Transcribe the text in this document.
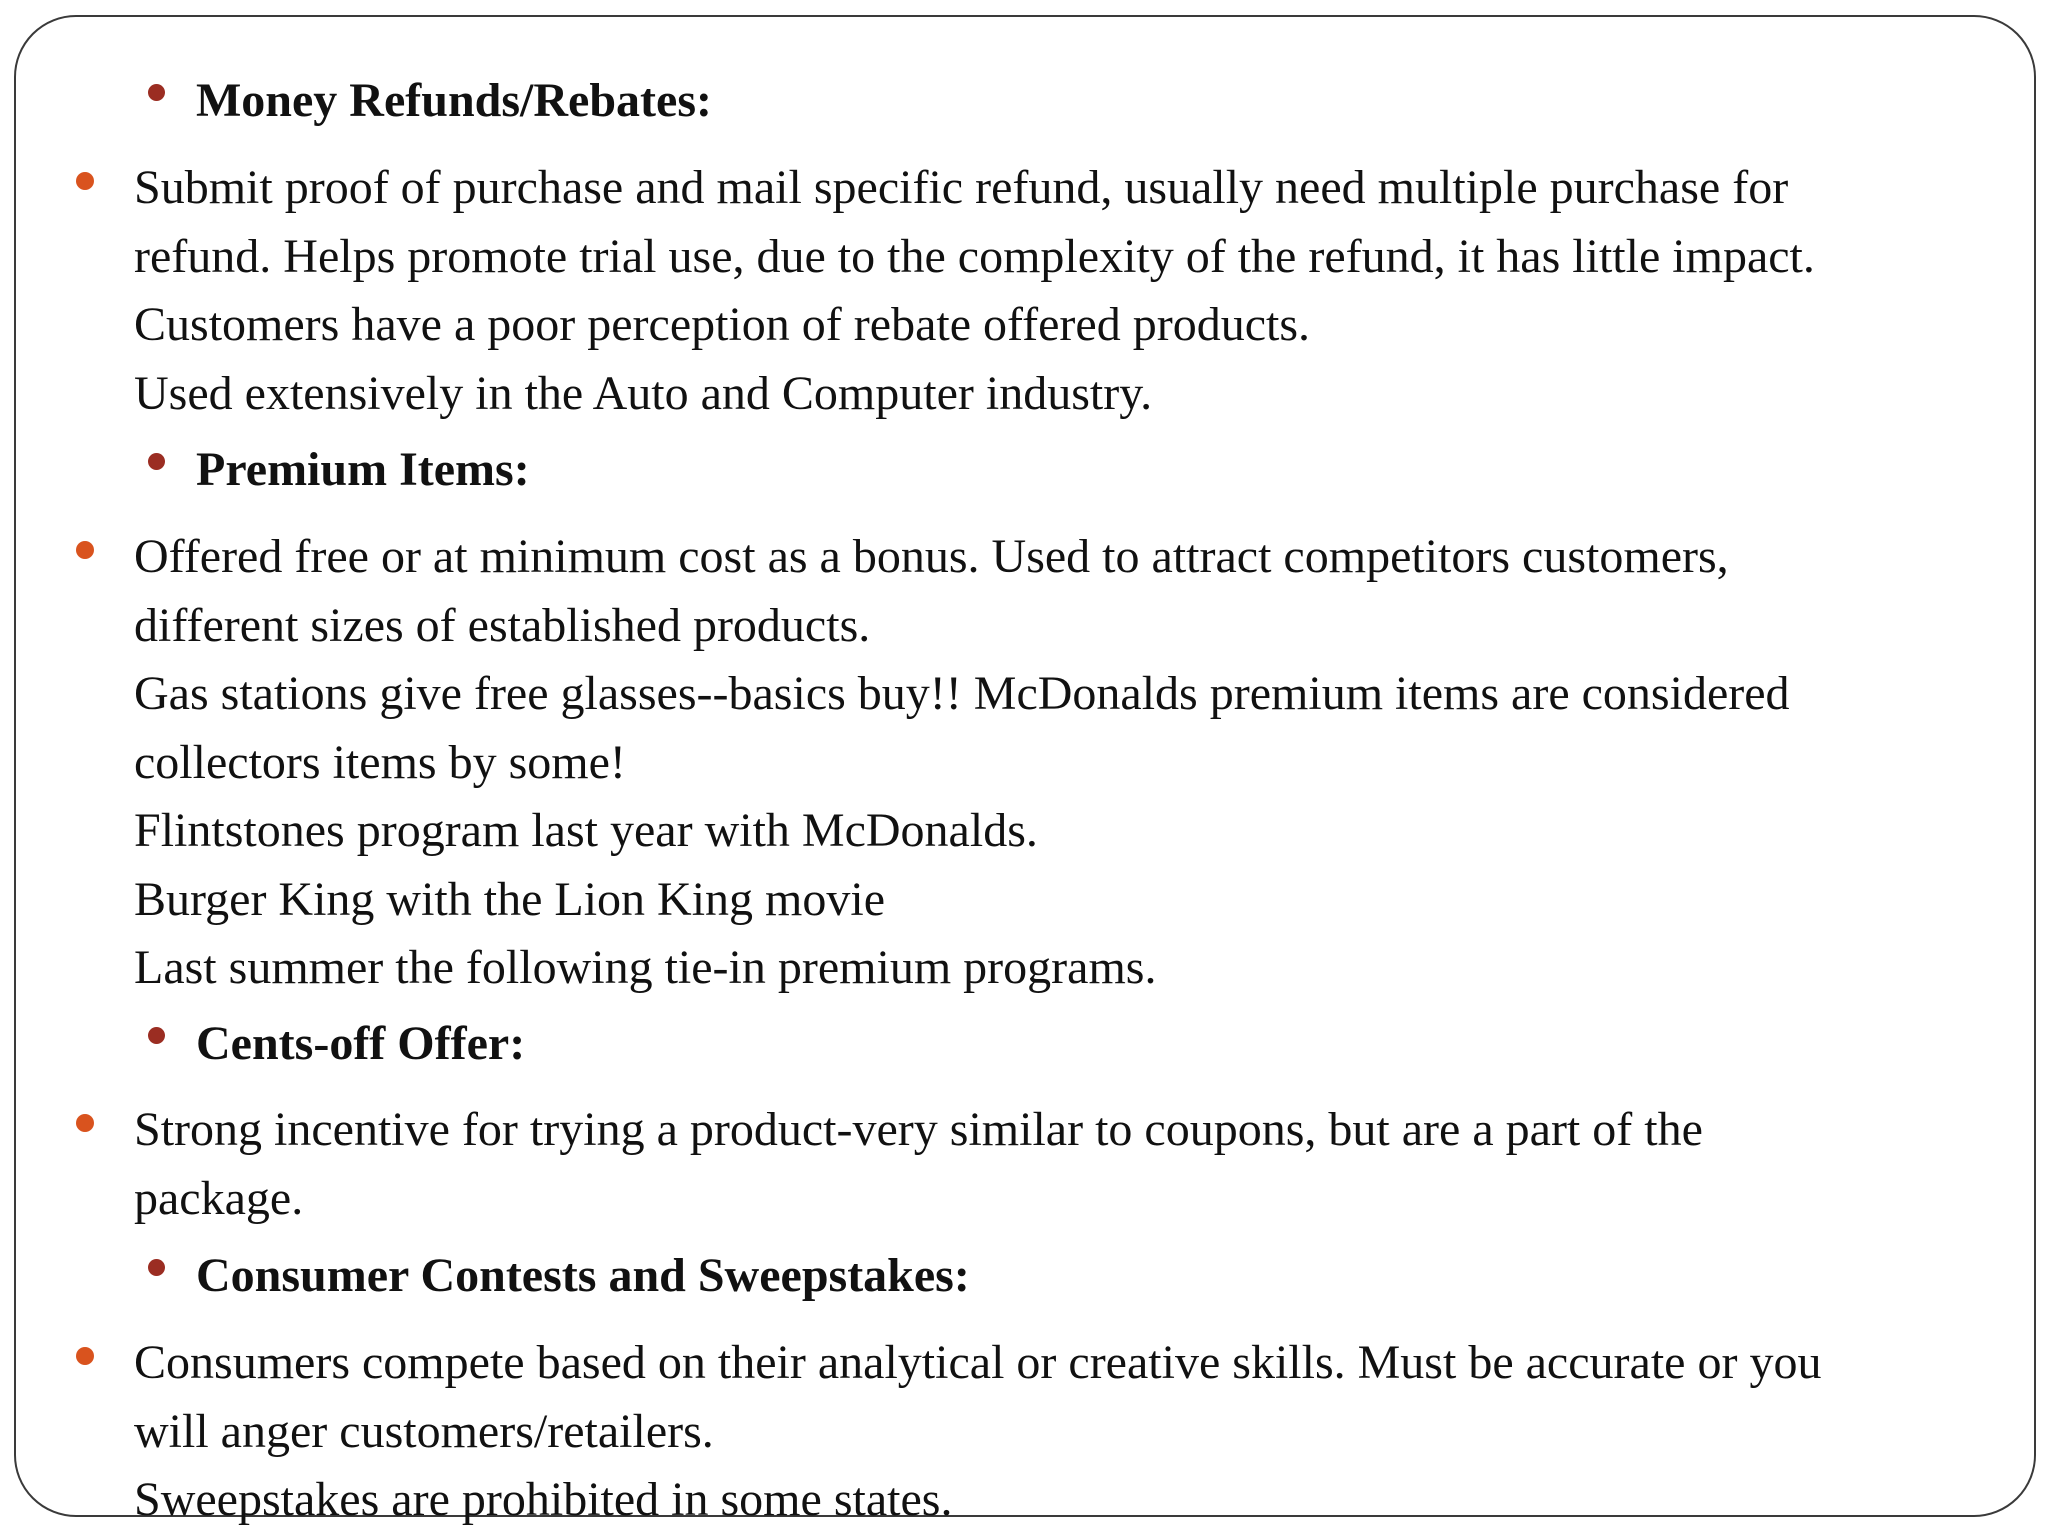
Money Refunds/Rebates:
Submit proof of purchase and mail specific refund, usually need multiple purchase for
refund. Helps promote trial use, due to the complexity of the refund, it has little impact.
Customers have a poor perception of rebate offered products.
Used extensively in the Auto and Computer industry.
Premium Items:
Offered free or at minimum cost as a bonus. Used to attract competitors customers,
different sizes of established products.
Gas stations give free glasses--basics buy!! McDonalds premium items are considered
collectors items by some!
Flintstones program last year with McDonalds.
Burger King with the Lion King movie
Last summer the following tie-in premium programs.
Cents-off Offer:
Strong incentive for trying a product-very similar to coupons, but are a part of the
package.
Consumer Contests and Sweepstakes:
Consumers compete based on their analytical or creative skills. Must be accurate or you
will anger customers/retailers.
Sweepstakes are prohibited in some states.
